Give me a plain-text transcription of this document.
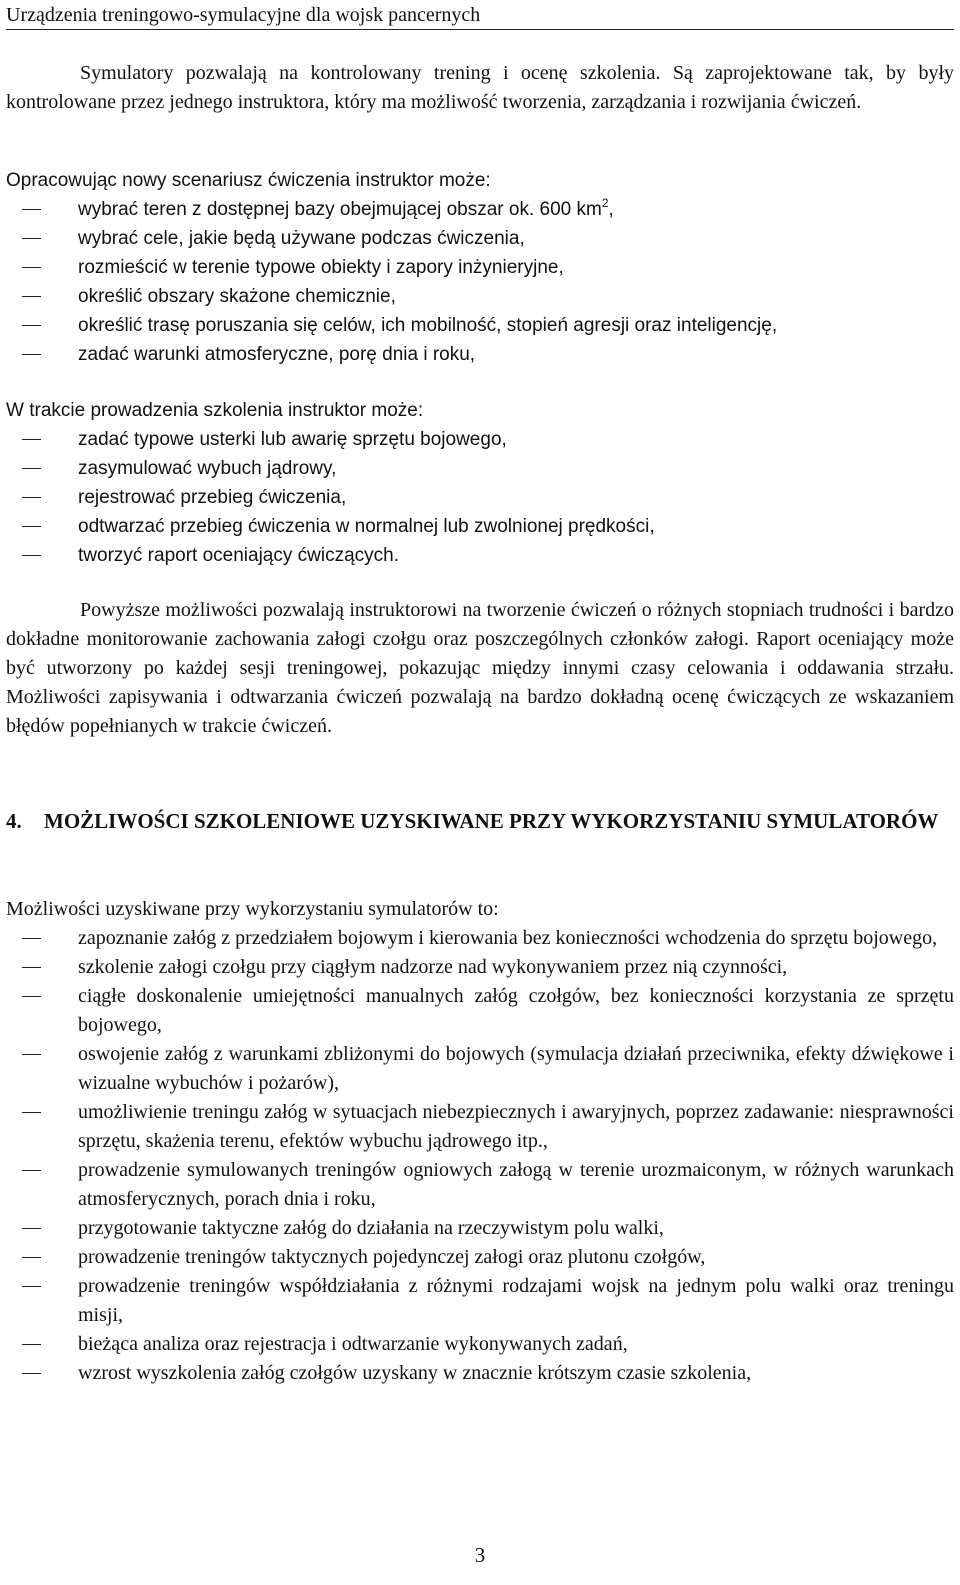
Urządzenia treningowo-symulacyjne dla wojsk pancernych

Symulatory pozwalają na kontrolowany trening i ocenę szkolenia. Są zaprojektowane tak, by były kontrolowane przez jednego instruktora, który ma możliwość tworzenia, zarządzania i rozwijania ćwiczeń.

Opracowując nowy scenariusz ćwiczenia instruktor może:

wybrać teren z dostępnej bazy obejmującej obszar ok. 600 $km^2$,
wybrać cele, jakie będą używane podczas ćwiczenia,
rozmieścić w terenie typowe obiekty i zapory inżynieryjne,
określić obszary skażone chemicznie,
określić trasę poruszania się celów, ich mobilność, stopień agresji oraz inteligencję,
zadać warunki atmosferyczne, porę dnia i roku,

W trakcie prowadzenia szkolenia instruktor może:

zadać typowe usterki lub awarię sprzętu bojowego,
zasymulować wybuch jądrowy,
rejestrować przebieg ćwiczenia,
odtwarzać przebieg ćwiczenia w normalnej lub zwolnionej prędkości,
tworzyć raport oceniający ćwiczących.

Powyższe możliwości pozwalają instruktorowi na tworzenie ćwiczeń o różnych stopniach trudności i bardzo dokładne monitorowanie zachowania załogi czołgu oraz poszczególnych członków załogi. Raport oceniający może być utworzony po każdej sesji treningowej, pokazując między innymi czasy celowania i oddawania strzału. Możliwości zapisywania i odtwarzania ćwiczeń pozwalają na bardzo dokładną ocenę ćwiczących ze wskazaniem błędów popełnianych w trakcie ćwiczeń.

4.	MOŻLIWOŚCI SZKOLENIOWE UZYSKIWANE PRZY WYKORZYSTANIU SYMULATORÓW

Możliwości uzyskiwane przy wykorzystaniu symulatorów to:

zapoznanie załóg z przedziałem bojowym i kierowania bez konieczności wchodzenia do sprzętu bojowego,
szkolenie załogi czołgu przy ciągłym nadzorze nad wykonywaniem przez nią czynności,
ciągłe doskonalenie umiejętności manualnych załóg czołgów, bez konieczności korzystania ze sprzętu bojowego,
oswojenie załóg z warunkami zbliżonymi do bojowych (symulacja działań przeciwnika, efekty dźwiękowe i wizualne wybuchów i pożarów),
umożliwienie treningu załóg w sytuacjach niebezpiecznych i awaryjnych, poprzez zadawanie: niesprawności sprzętu, skażenia terenu, efektów wybuchu jądrowego itp.,
prowadzenie symulowanych treningów ogniowych załogą w terenie urozmaiconym, w różnych warunkach atmosferycznych, porach dnia i roku,
przygotowanie taktyczne załóg do działania na rzeczywistym polu walki,
prowadzenie treningów taktycznych pojedynczej załogi oraz plutonu czołgów,
prowadzenie treningów współdziałania z różnymi rodzajami wojsk na jednym polu walki oraz treningu misji,
bieżąca analiza oraz rejestracja i odtwarzanie wykonywanych zadań,
wzrost wyszkolenia załóg czołgów uzyskany w znacznie krótszym czasie szkolenia,
3
